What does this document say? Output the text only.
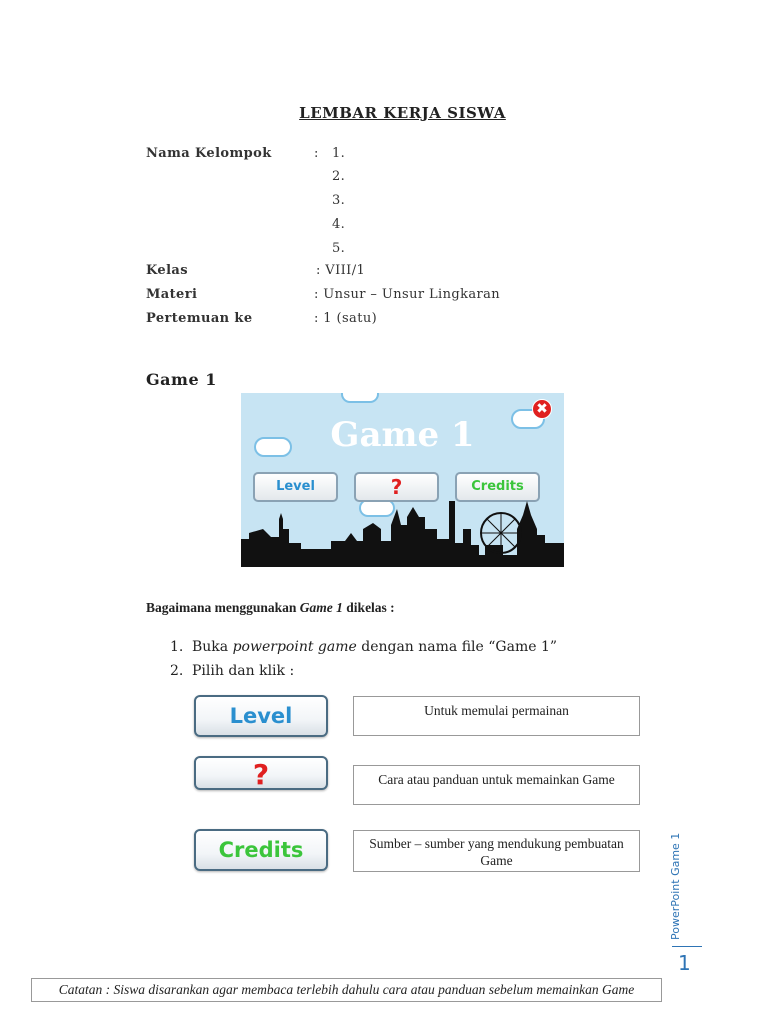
LEMBAR KERJA SISWA
Nama Kelompok	: 1.
2.
3.
4.
5.
Kelas	: VIII/1
Materi	: Unsur – Unsur Lingkaran
Pertemuan ke	: 1 (satu)
Game 1
Game 1
✖
Level	?	Credits
Bagaimana menggunakan Game 1 dikelas :
1. Buka powerpoint game dengan nama file “Game 1”
2. Pilih dan klik :
Level	Untuk memulai permainan
?	Cara atau panduan untuk memainkan Game
Credits	Sumber – sumber yang mendukung pembuatan Game	PowerPoint Game 1
1
Catatan : Siswa disarankan agar membaca terlebih dahulu cara atau panduan sebelum memainkan Game
